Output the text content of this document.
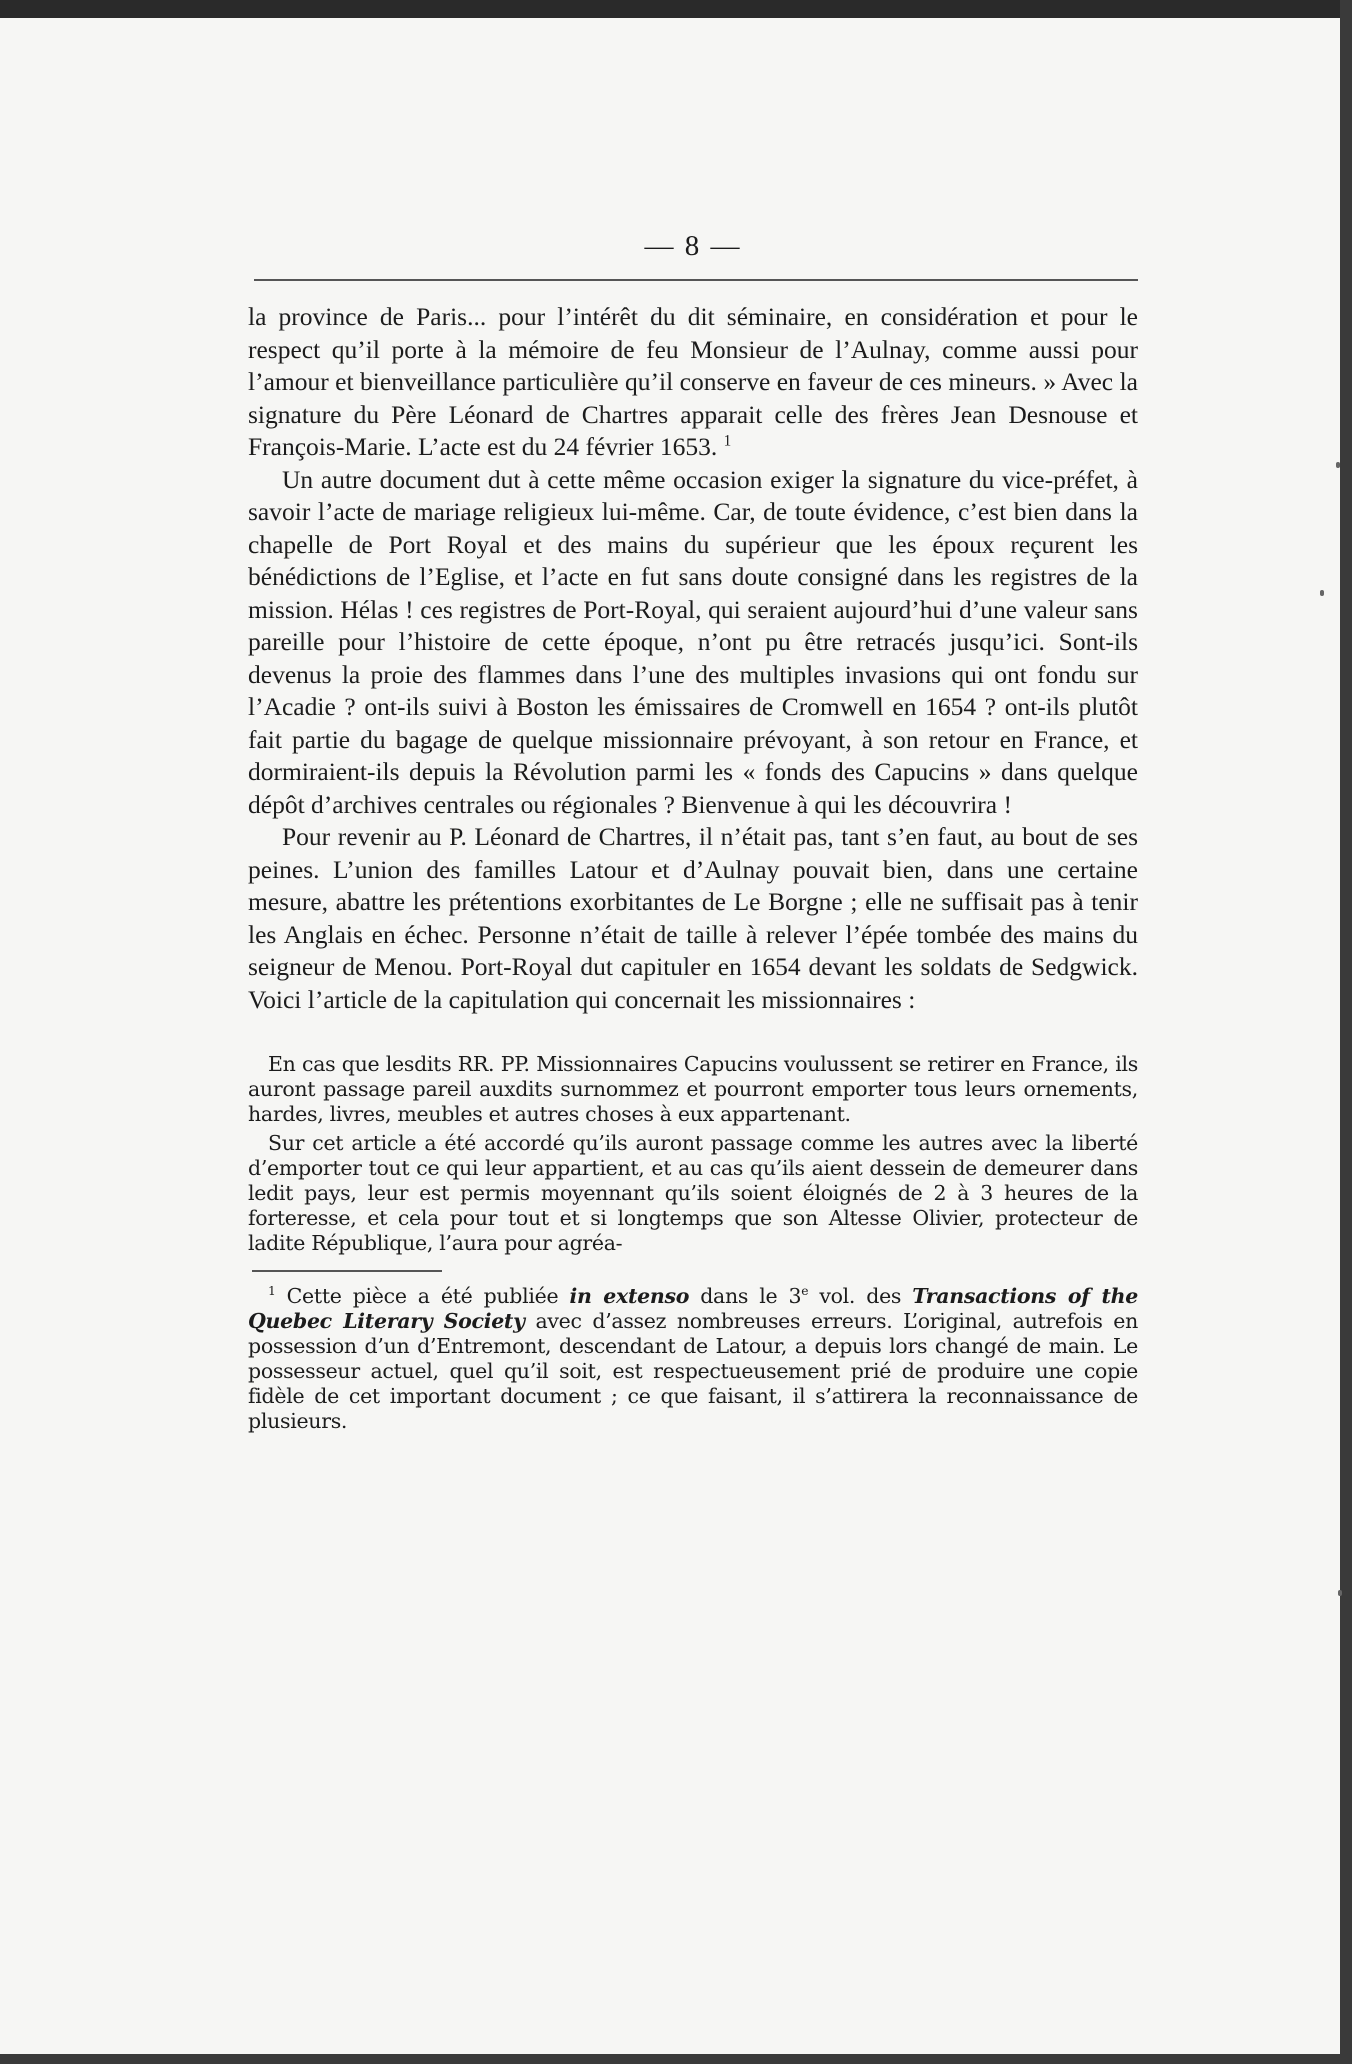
— 8 —

la province de Paris... pour l’intérêt du dit séminaire, en considération et pour le respect qu’il porte à la mémoire de feu Monsieur de l’Aulnay, comme aussi pour l’amour et bienveillance particulière qu’il conserve en faveur de ces mineurs. » Avec la signature du Père Léonard de Chartres apparait celle des frères Jean Desnouse et François-Marie. L’acte est du 24 février 1653. $^1$

Un autre document dut à cette même occasion exiger la signature du vice-préfet, à savoir l’acte de mariage religieux lui-même. Car, de toute évidence, c’est bien dans la chapelle de Port Royal et des mains du supérieur que les époux reçurent les bénédictions de l’Eglise, et l’acte en fut sans doute consigné dans les registres de la mission. Hélas ! ces registres de Port-Royal, qui seraient aujourd’hui d’une valeur sans pareille pour l’histoire de cette époque, n’ont pu être retracés jusqu’ici. Sont-ils devenus la proie des flammes dans l’une des multiples invasions qui ont fondu sur l’Acadie ? ont-ils suivi à Boston les émissaires de Cromwell en 1654 ? ont-ils plutôt fait partie du bagage de quelque missionnaire prévoyant, à son retour en France, et dormiraient-ils depuis la Révolution parmi les « fonds des Capucins » dans quelque dépôt d’archives centrales ou régionales ? Bienvenue à qui les découvrira !

Pour revenir au P. Léonard de Chartres, il n’était pas, tant s’en faut, au bout de ses peines. L’union des familles Latour et d’Aulnay pouvait bien, dans une certaine mesure, abattre les prétentions exorbitantes de Le Borgne ; elle ne suffisait pas à tenir les Anglais en échec. Personne n’était de taille à relever l’épée tombée des mains du seigneur de Menou. Port-Royal dut capituler en 1654 devant les soldats de Sedgwick. Voici l’article de la capitulation qui concernait les missionnaires :

En cas que lesdits RR. PP. Missionnaires Capucins voulussent se retirer en France, ils auront passage pareil auxdits surnommez et pourront emporter tous leurs ornements, hardes, livres, meubles et autres choses à eux appartenant.

Sur cet article a été accordé qu’ils auront passage comme les autres avec la liberté d’emporter tout ce qui leur appartient, et au cas qu’ils aient dessein de demeurer dans ledit pays, leur est permis moyennant qu’ils soient éloignés de 2 à 3 heures de la forteresse, et cela pour tout et si longtemps que son Altesse Olivier, protecteur de ladite République, l’aura pour agréa-

$^1$ Cette pièce a été publiée in extenso dans le 3e vol. des Transactions of the Quebec Literary Society avec d’assez nombreuses erreurs. L’original, autrefois en possession d’un d’Entremont, descendant de Latour, a depuis lors changé de main. Le possesseur actuel, quel qu’il soit, est respectueusement prié de produire une copie fidèle de cet important document ; ce que faisant, il s’attirera la reconnaissance de plusieurs.
